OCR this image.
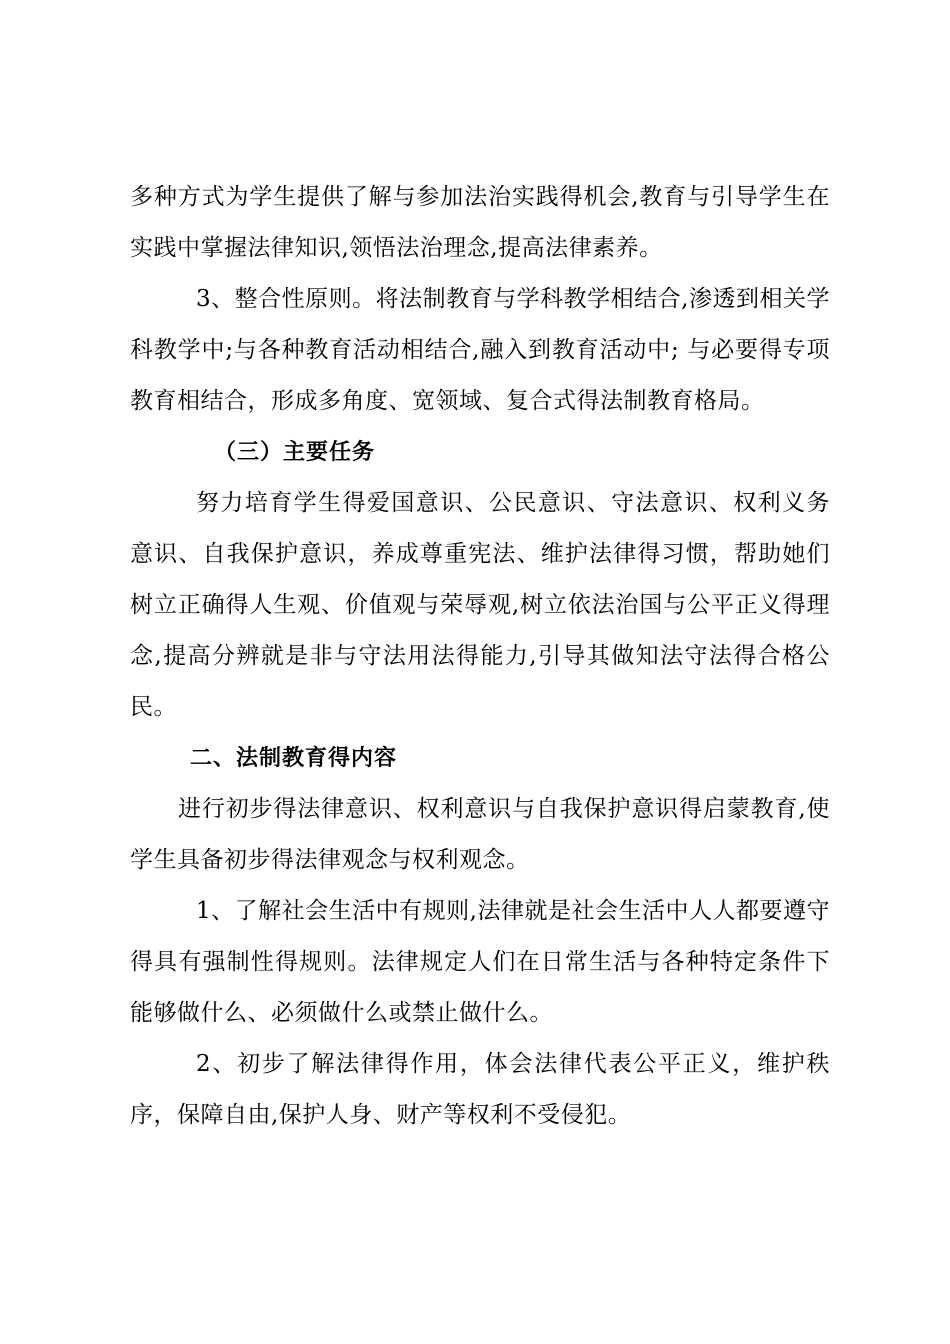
多种方式为学生提供了解与参加法治实践得机会,教育与引导学生在实践中掌握法律知识,领悟法治理念,提高法律素养。

3、整合性原则。将法制教育与学科教学相结合,渗透到相关学科教学中;与各种教育活动相结合,融入到教育活动中; 与必要得专项教育相结合，形成多角度、宽领域、复合式得法制教育格局。

（三）主要任务

努力培育学生得爱国意识、公民意识、守法意识、权利义务意识、自我保护意识，养成尊重宪法、维护法律得习惯，帮助她们树立正确得人生观、价值观与荣辱观,树立依法治国与公平正义得理念,提高分辨就是非与守法用法得能力,引导其做知法守法得合格公民。

二、法制教育得内容

进行初步得法律意识、权利意识与自我保护意识得启蒙教育,使学生具备初步得法律观念与权利观念。

1、了解社会生活中有规则,法律就是社会生活中人人都要遵守得具有强制性得规则。法律规定人们在日常生活与各种特定条件下能够做什么、必须做什么或禁止做什么。

2、初步了解法律得作用，体会法律代表公平正义，维护秩序，保障自由,保护人身、财产等权利不受侵犯。
